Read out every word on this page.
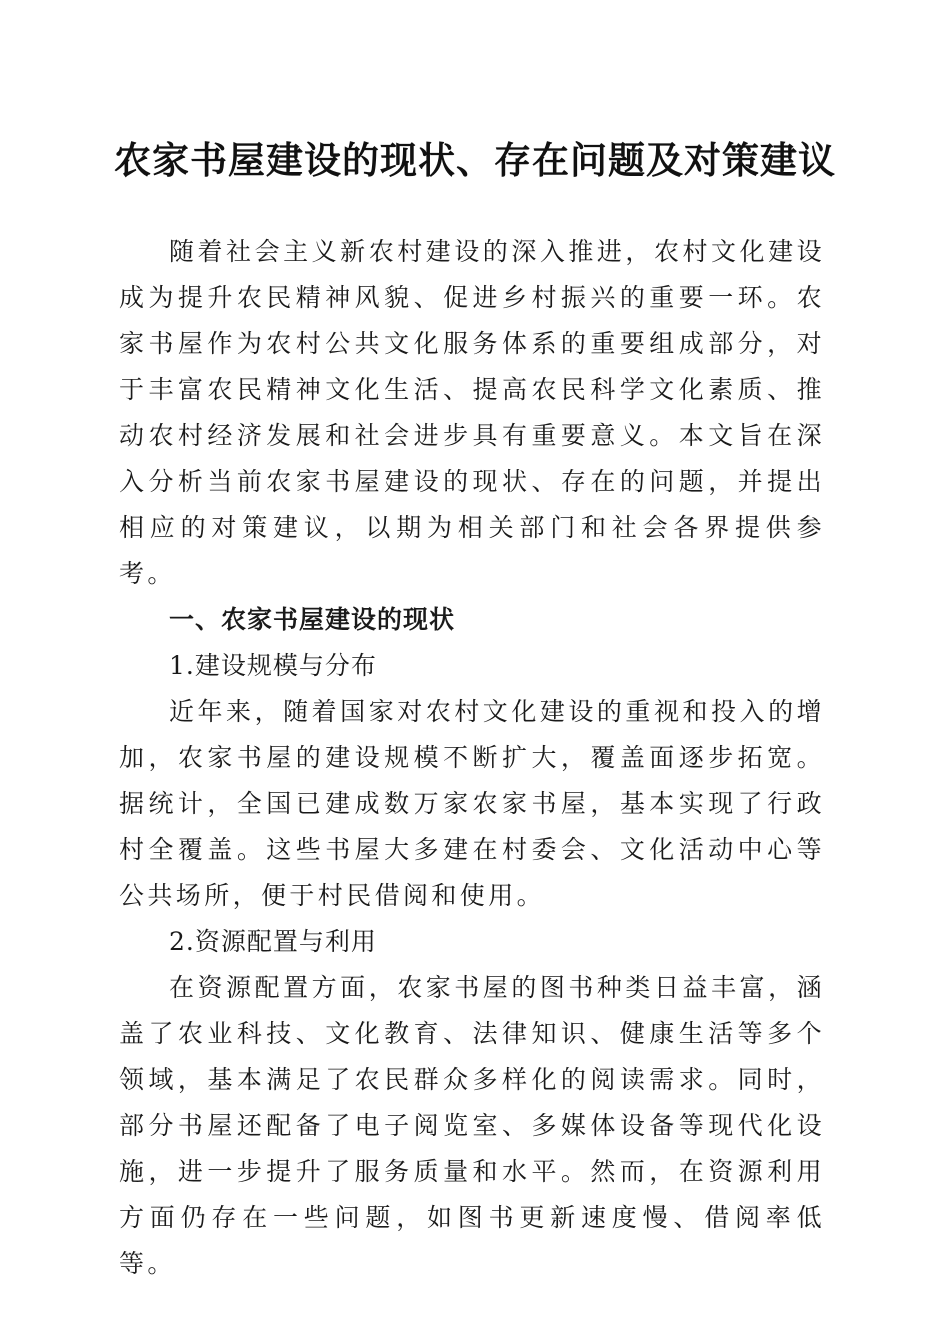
农家书屋建设的现状、存在问题及对策建议

随着社会主义新农村建设的深入推进，农村文化建设成为提升农民精神风貌、促进乡村振兴的重要一环。农家书屋作为农村公共文化服务体系的重要组成部分，对于丰富农民精神文化生活、提高农民科学文化素质、推动农村经济发展和社会进步具有重要意义。本文旨在深入分析当前农家书屋建设的现状、存在的问题，并提出相应的对策建议，以期为相关部门和社会各界提供参考。

一、农家书屋建设的现状

1.建设规模与分布

近年来，随着国家对农村文化建设的重视和投入的增加，农家书屋的建设规模不断扩大，覆盖面逐步拓宽。据统计，全国已建成数万家农家书屋，基本实现了行政村全覆盖。这些书屋大多建在村委会、文化活动中心等公共场所，便于村民借阅和使用。

2.资源配置与利用

在资源配置方面，农家书屋的图书种类日益丰富，涵盖了农业科技、文化教育、法律知识、健康生活等多个领域，基本满足了农民群众多样化的阅读需求。同时，部分书屋还配备了电子阅览室、多媒体设备等现代化设施，进一步提升了服务质量和水平。然而，在资源利用方面仍存在一些问题，如图书更新速度慢、借阅率低等。
